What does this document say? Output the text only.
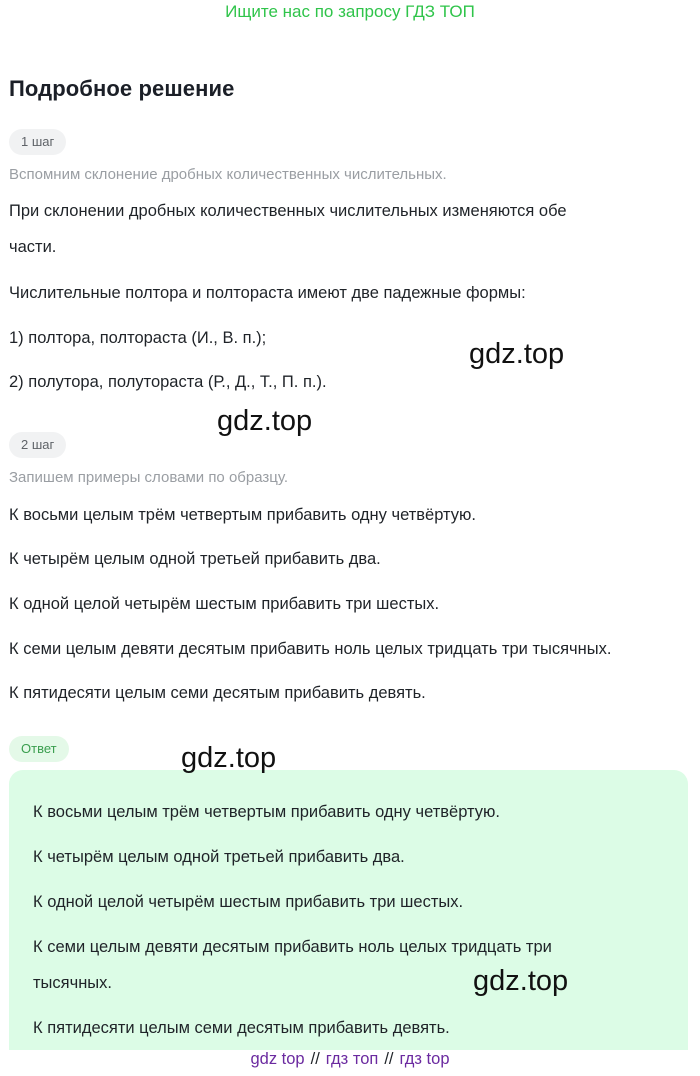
Ищите нас по запросу ГДЗ ТОП
Подробное решение
1 шаг
Вспомним склонение дробных количественных числительных.
При склонении дробных количественных числительных изменяются обе
части.
Числительные полтора и полтораста имеют две падежные формы:
1) полтора, полтораста (И., В. п.);
2) полутора, полутораста (Р., Д., Т., П. п.).
2 шаг
Запишем примеры словами по образцу.
К восьми целым трём четвертым прибавить одну четвёртую.
К четырём целым одной третьей прибавить два.
К одной целой четырём шестым прибавить три шестых.
К семи целым девяти десятым прибавить ноль целых тридцать три тысячных.
К пятидесяти целым семи десятым прибавить девять.
Ответ
К восьми целым трём четвертым прибавить одну четвёртую.
К четырём целым одной третьей прибавить два.
К одной целой четырём шестым прибавить три шестых.
К семи целым девяти десятым прибавить ноль целых тридцать три
тысячных.
К пятидесяти целым семи десятым прибавить девять.
gdz.top
gdz.top
gdz.top
gdz.top
gdz top // гдз топ // гдз top
